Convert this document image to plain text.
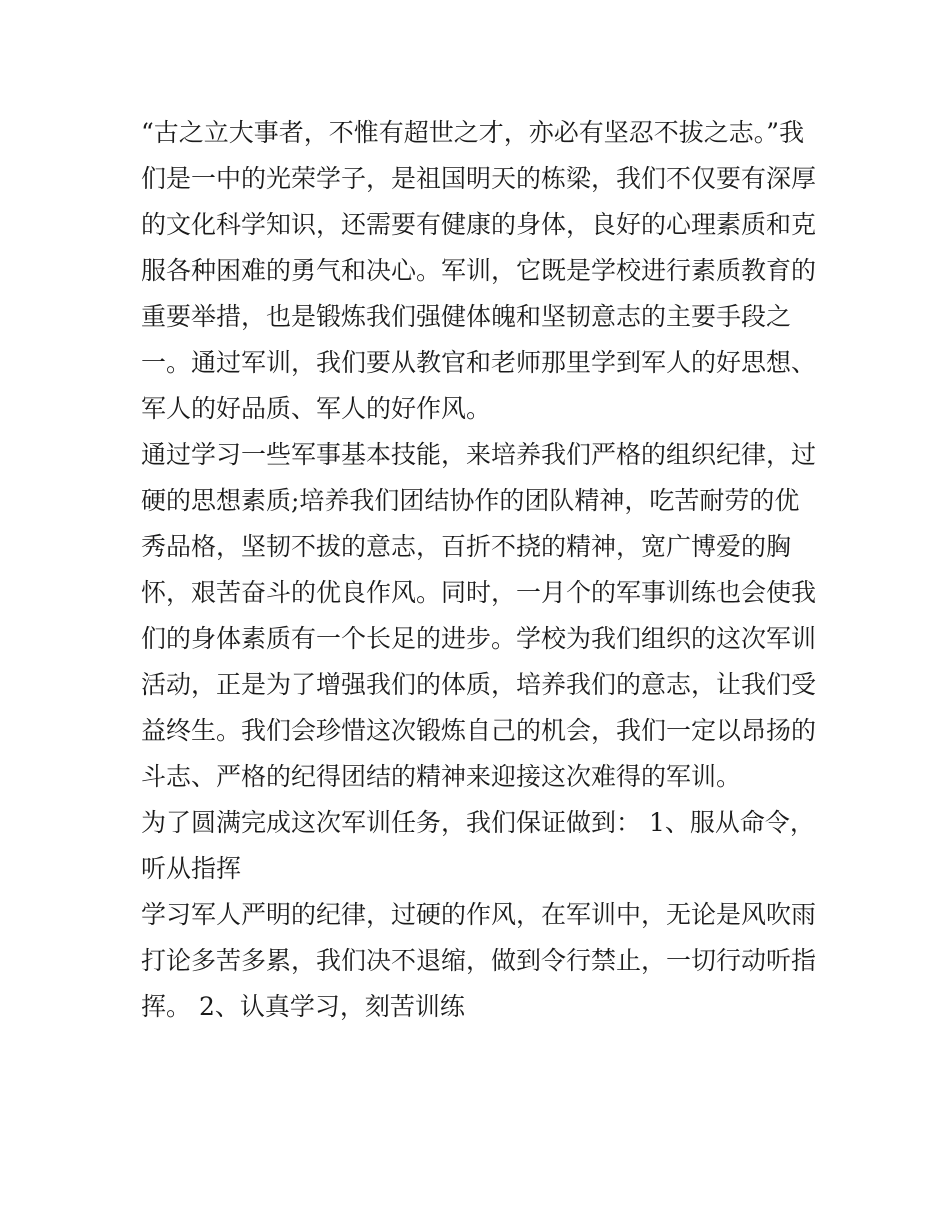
“古之立大事者，不惟有超世之才，亦必有坚忍不拔之志。”我
们是一中的光荣学子，是祖国明天的栋梁，我们不仅要有深厚
的文化科学知识，还需要有健康的身体，良好的心理素质和克
服各种困难的勇气和决心。军训，它既是学校进行素质教育的
重要举措，也是锻炼我们强健体魄和坚韧意志的主要手段之
一。通过军训，我们要从教官和老师那里学到军人的好思想、
军人的好品质、军人的好作风。
通过学习一些军事基本技能，来培养我们严格的组织纪律，过
硬的思想素质;培养我们团结协作的团队精神，吃苦耐劳的优
秀品格，坚韧不拔的意志，百折不挠的精神，宽广博爱的胸
怀，艰苦奋斗的优良作风。同时，一月个的军事训练也会使我
们的身体素质有一个长足的进步。学校为我们组织的这次军训
活动，正是为了增强我们的体质，培养我们的意志，让我们受
益终生。我们会珍惜这次锻炼自己的机会，我们一定以昂扬的
斗志、严格的纪得团结的精神来迎接这次难得的军训。
为了圆满完成这次军训任务，我们保证做到： 1、服从命令，
听从指挥
学习军人严明的纪律，过硬的作风，在军训中，无论是风吹雨
打论多苦多累，我们决不退缩，做到令行禁止，一切行动听指
挥。 2、认真学习，刻苦训练
